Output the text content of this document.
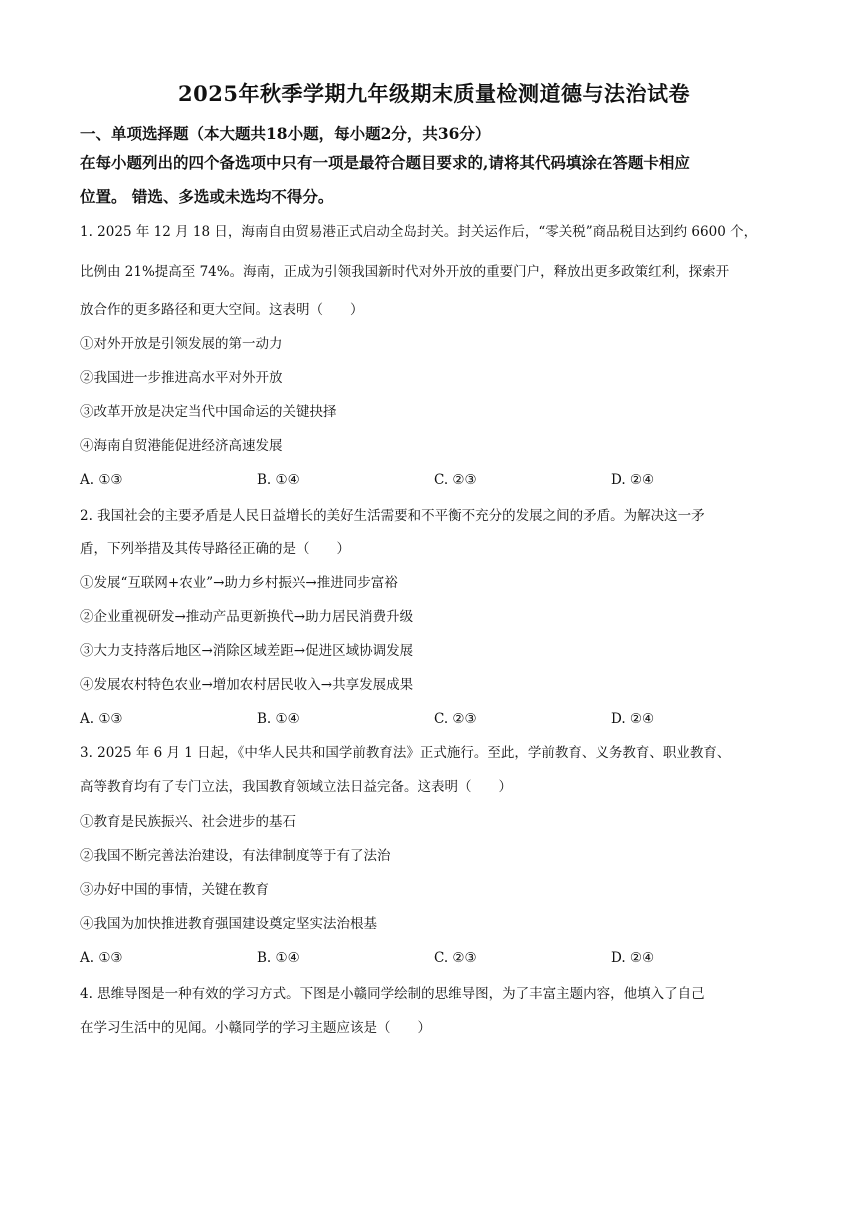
2025年秋季学期九年级期末质量检测道德与法治试卷
一、单项选择题（本大题共18小题，每小题2分，共36分）
在每小题列出的四个备选项中只有一项是最符合题目要求的,请将其代码填涂在答题卡相应
位置。 错选、多选或未选均不得分。
1. 2025 年 12 月 18 日，海南自由贸易港正式启动全岛封关。封关运作后，“零关税”商品税目达到约 6600 个，
比例由 21%提高至 74%。海南，正成为引领我国新时代对外开放的重要门户，释放出更多政策红利，探索开
放合作的更多路径和更大空间。这表明（　　）
①对外开放是引领发展的第一动力
②我国进一步推进高水平对外开放
③改革开放是决定当代中国命运的关键抉择
④海南自贸港能促进经济高速发展
A. ①③	B. ①④	C. ②③	D. ②④
2. 我国社会的主要矛盾是人民日益增长的美好生活需要和不平衡不充分的发展之间的矛盾。为解决这一矛
盾，下列举措及其传导路径正确的是（　　）
①发展“互联网+农业”→助力乡村振兴→推进同步富裕
②企业重视研发→推动产品更新换代→助力居民消费升级
③大力支持落后地区→消除区域差距→促进区域协调发展
④发展农村特色农业→增加农村居民收入→共享发展成果
A. ①③	B. ①④	C. ②③	D. ②④
3. 2025 年 6 月 1 日起，《中华人民共和国学前教育法》正式施行。至此，学前教育、义务教育、职业教育、
高等教育均有了专门立法，我国教育领域立法日益完备。这表明（　　）
①教育是民族振兴、社会进步的基石
②我国不断完善法治建设，有法律制度等于有了法治
③办好中国的事情，关键在教育
④我国为加快推进教育强国建设奠定坚实法治根基
A. ①③	B. ①④	C. ②③	D. ②④
4. 思维导图是一种有效的学习方式。下图是小赣同学绘制的思维导图，为了丰富主题内容，他填入了自己
在学习生活中的见闻。小赣同学的学习主题应该是（　　）
